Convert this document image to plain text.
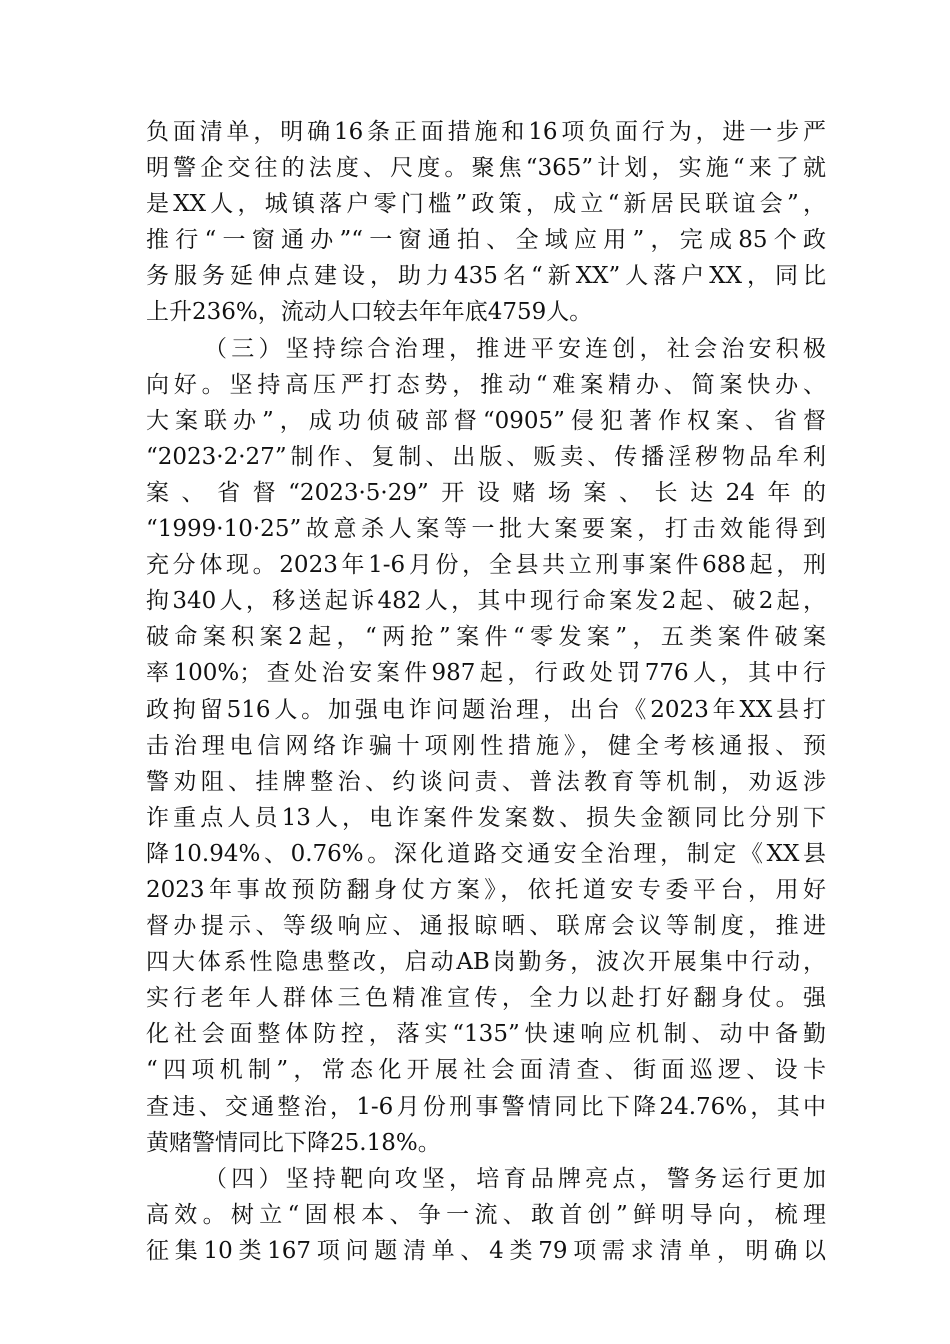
负面清单，明确16条正面措施和16项负面行为，进一步严
明警企交往的法度、尺度。聚焦“365”计划，实施“来了就
是XX人，城镇落户零门槛”政策，成立“新居民联谊会”，
推行“一窗通办”“一窗通拍、全域应用”，完成85个政
务服务延伸点建设，助力435名“新XX”人落户XX，同比
上升236%，流动人口较去年年底4759人。
（三）坚持综合治理，推进平安连创，社会治安积极
向好。坚持高压严打态势，推动“难案精办、简案快办、
大案联办”，成功侦破部督“0905”侵犯著作权案、省督
“2023·2·27”制作、复制、出版、贩卖、传播淫秽物品牟利
案、省督“2023·5·29”开设赌场案、长达24年的
“1999·10·25”故意杀人案等一批大案要案，打击效能得到
充分体现。2023年1-6月份，全县共立刑事案件688起，刑
拘340人，移送起诉482人，其中现行命案发2起、破2起，
破命案积案2起，“两抢”案件“零发案”，五类案件破案
率100%；查处治安案件987起，行政处罚776人，其中行
政拘留516人。加强电诈问题治理，出台《2023年XX县打
击治理电信网络诈骗十项刚性措施》，健全考核通报、预
警劝阻、挂牌整治、约谈问责、普法教育等机制，劝返涉
诈重点人员13人，电诈案件发案数、损失金额同比分别下
降10.94%、0.76%。深化道路交通安全治理，制定《XX县
2023年事故预防翻身仗方案》，依托道安专委平台，用好
督办提示、等级响应、通报晾晒、联席会议等制度，推进
四大体系性隐患整改，启动AB岗勤务，波次开展集中行动，
实行老年人群体三色精准宣传，全力以赴打好翻身仗。强
化社会面整体防控，落实“135”快速响应机制、动中备勤
“四项机制”，常态化开展社会面清查、街面巡逻、设卡
查违、交通整治，1-6月份刑事警情同比下降24.76%，其中
黄赌警情同比下降25.18%。
（四）坚持靶向攻坚，培育品牌亮点，警务运行更加
高效。树立“固根本、争一流、敢首创”鲜明导向，梳理
征集10类167项问题清单、4类79项需求清单，明确以
